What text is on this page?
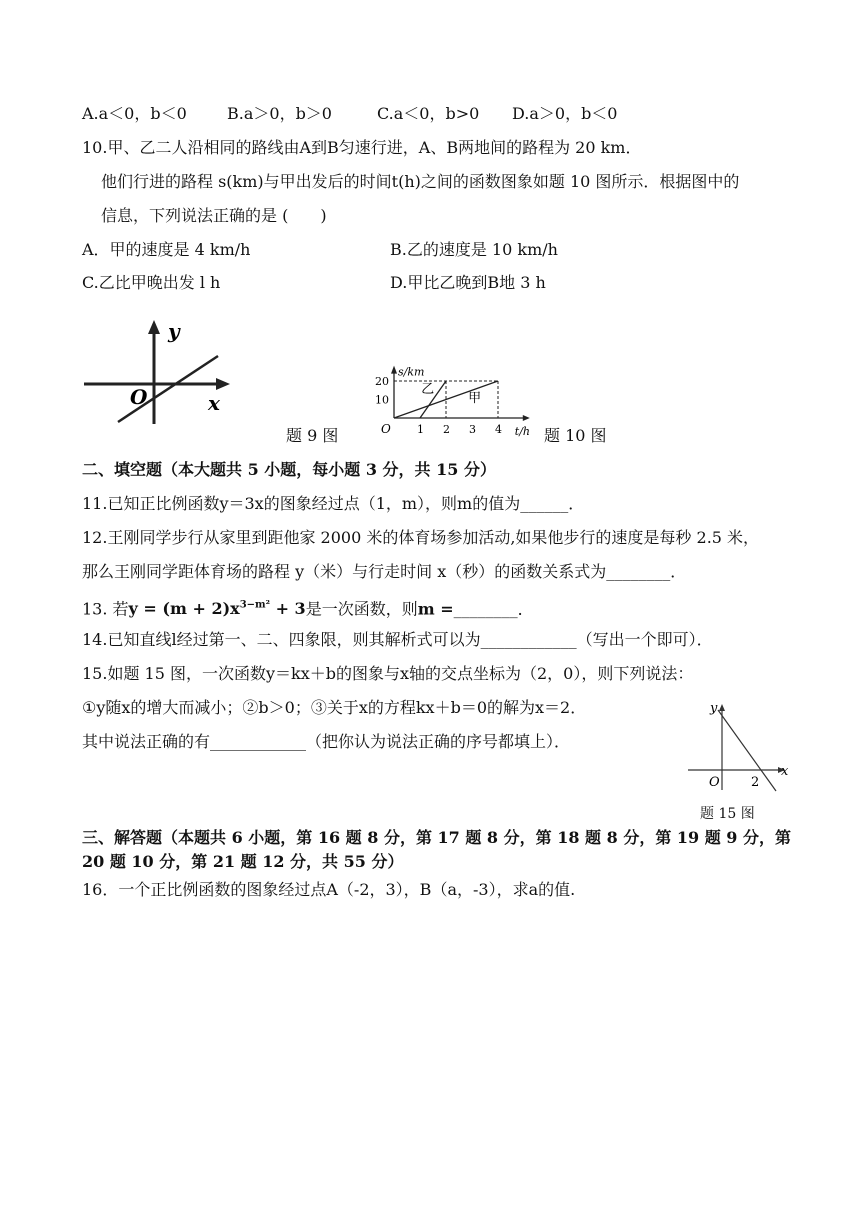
A.a＜0，b＜0	B.a＞0，b＞0	C.a＜0，b>0 D.a＞0，b＜0
10.甲、乙二人沿相同的路线由A到B匀速行进，A、B两地间的路程为 20 km．
他们行进的路程 s(km)与甲出发后的时间t(h)之间的函数图象如题 10 图所示．根据图中的
信息，下列说法正确的是 (　　)
A．甲的速度是 4 km/h	B.乙的速度是 10 km/h
C.乙比甲晚出发 l h	D.甲比乙晚到B地 3 h
y
x
O
题 9 图
乙
甲
1 2 3 4
10
20
O	t/h
s/km
题 10 图
二、填空题（本大题共 5 小题，每小题 3 分，共 15 分）
11.已知正比例函数y＝3x的图象经过点（1，m），则m的值为______．
12.王刚同学步行从家里到距他家 2000 米的体育场参加活动,如果他步行的速度是每秒 2.5 米，
那么王刚同学距体育场的路程 y（米）与行走时间 x（秒）的函数关系式为________．
13. 若$y = (m + 2)x^{3-m^2} + 3$是一次函数，则m =________．
14.已知直线l经过第一、二、四象限，则其解析式可以为____________（写出一个即可）．
15.如题 15 图，一次函数y＝kx＋b的图象与x轴的交点坐标为（2，0），则下列说法：
①y随x的增大而减小；②b＞0；③关于x的方程kx＋b＝0的解为x＝2．
其中说法正确的有____________（把你认为说法正确的序号都填上）．
y
x
O 2
题 15 图
三、解答题（本题共 6 小题，第 16 题 8 分，第 17 题 8 分，第 18 题 8 分，第 19 题 9 分，第
20 题 10 分，第 21 题 12 分，共 55 分）
16．一个正比例函数的图象经过点A（-2，3），B（a，-3），求a的值.
